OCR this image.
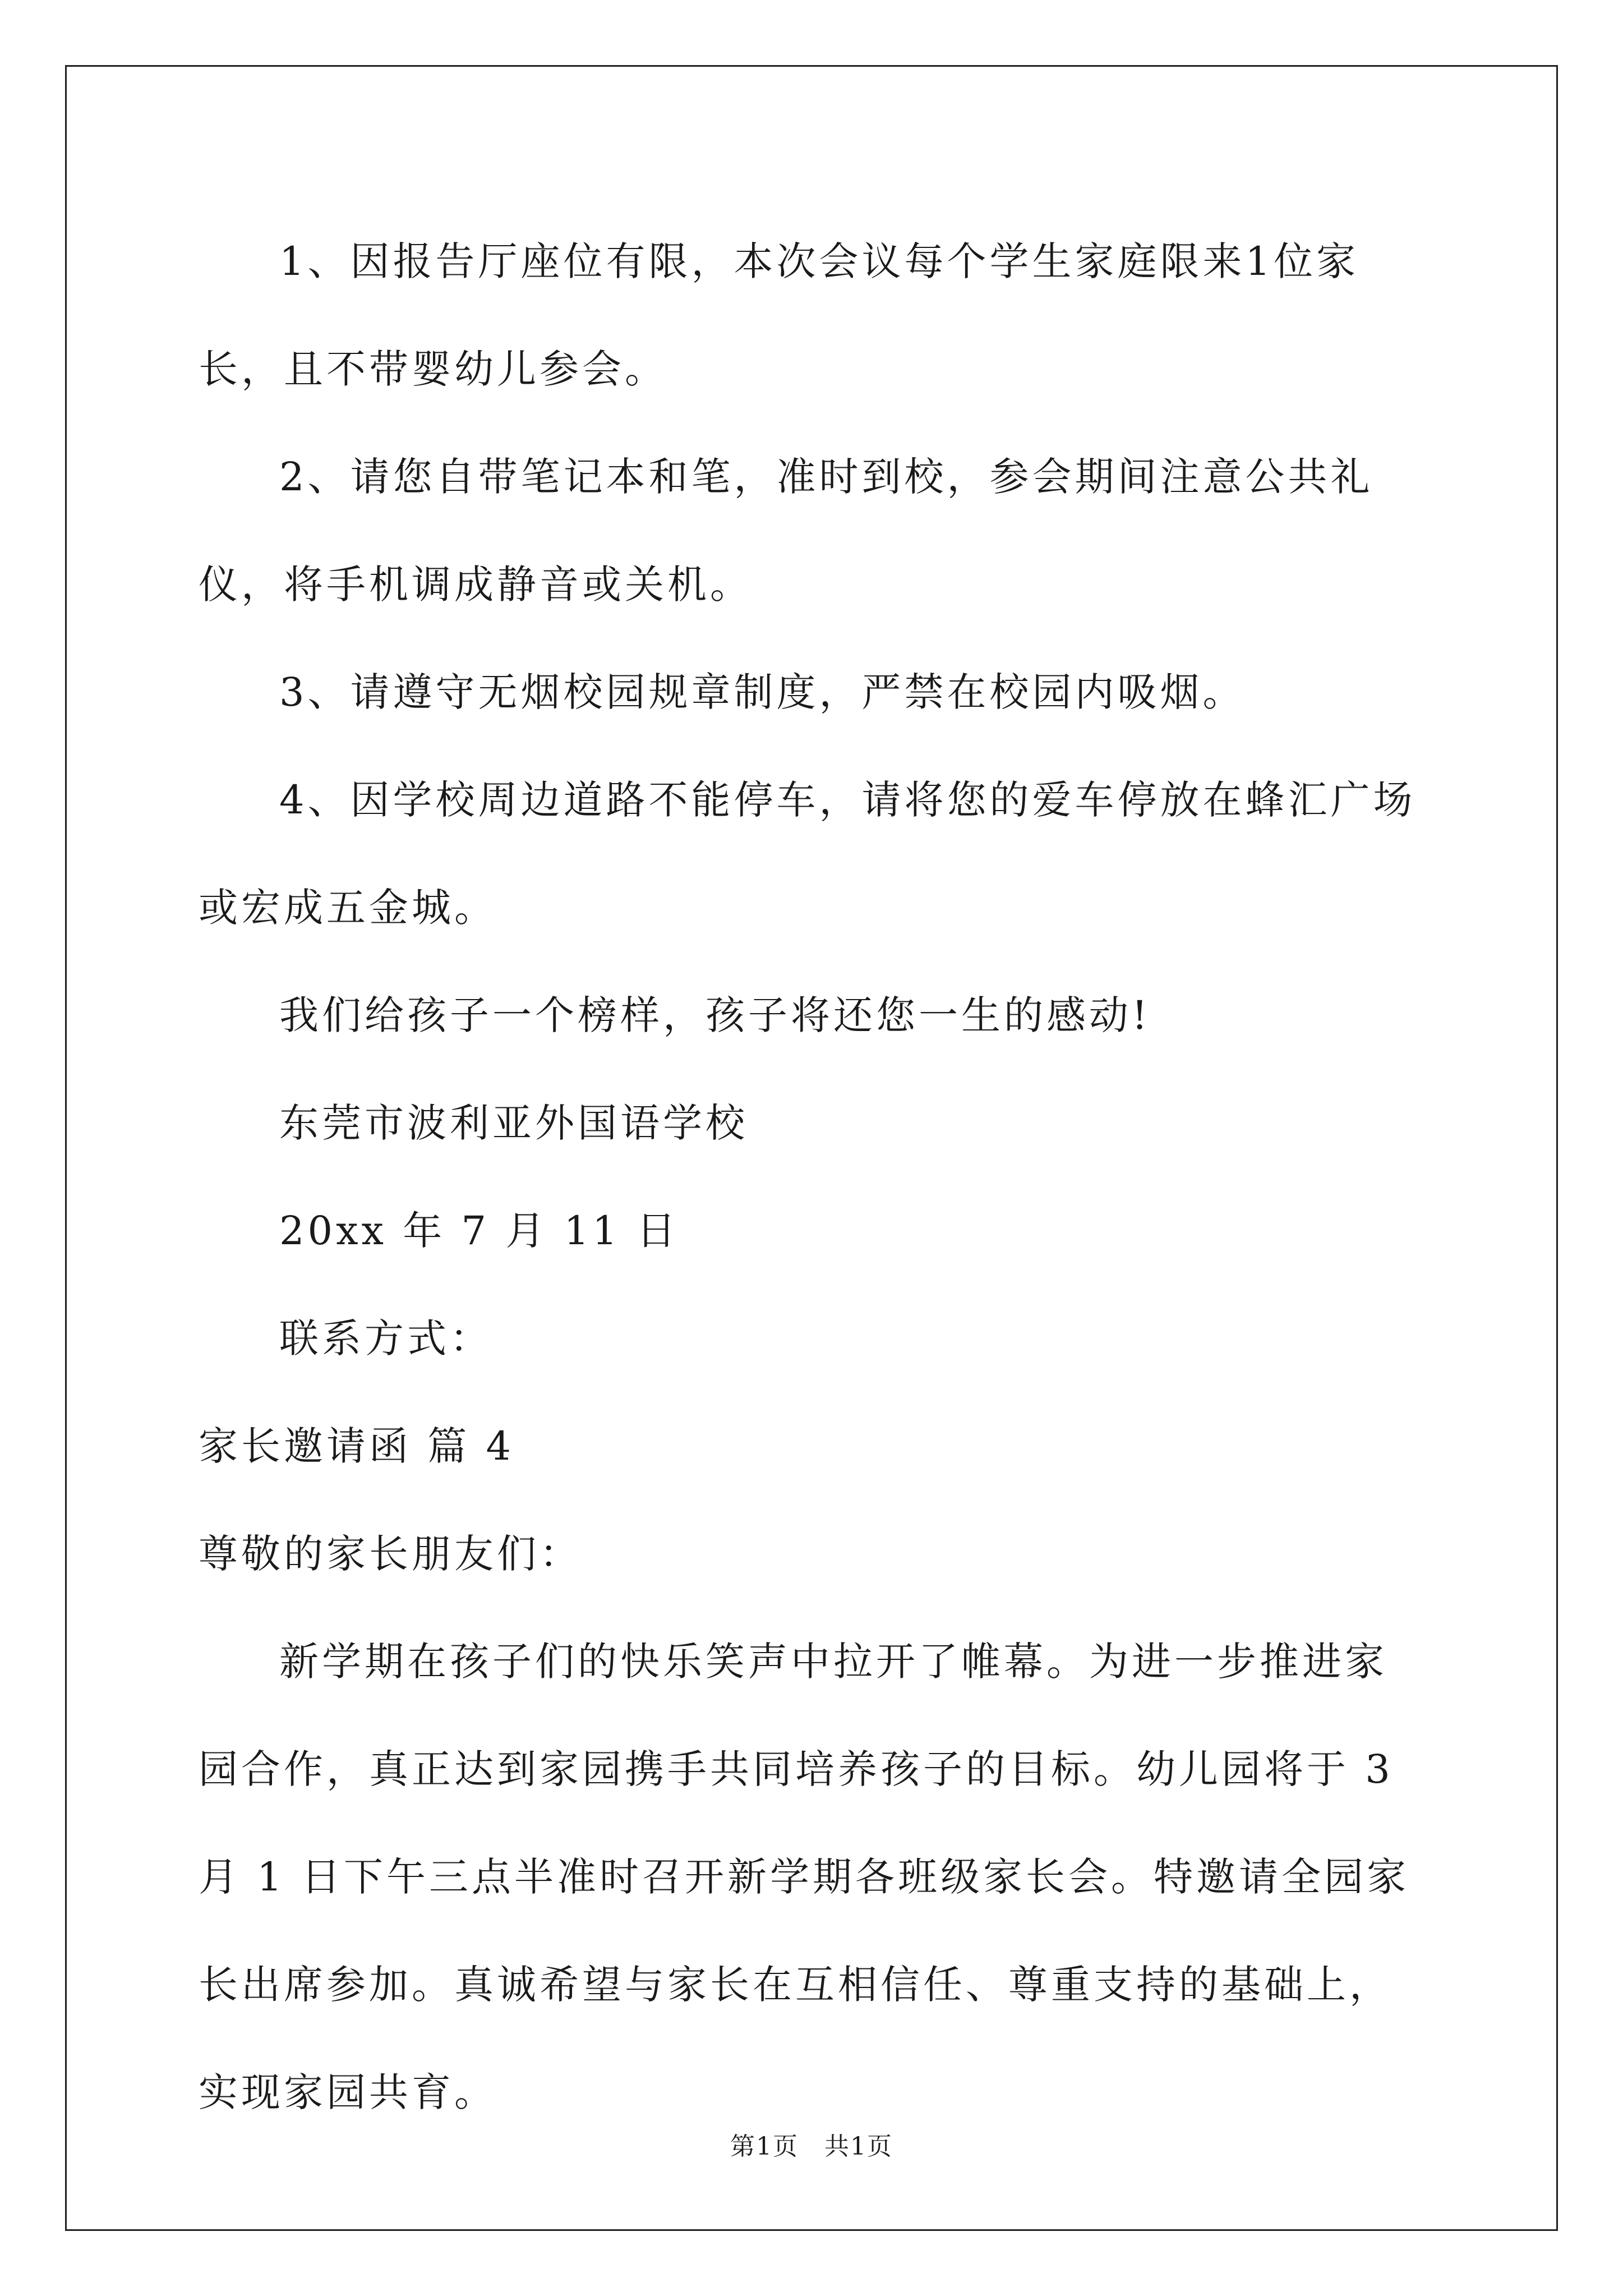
1、因报告厅座位有限，本次会议每个学生家庭限来1位家长，且不带婴幼儿参会。

2、请您自带笔记本和笔，准时到校，参会期间注意公共礼仪，将手机调成静音或关机。

3、请遵守无烟校园规章制度，严禁在校园内吸烟。

4、因学校周边道路不能停车，请将您的爱车停放在蜂汇广场或宏成五金城。

我们给孩子一个榜样，孩子将还您一生的感动!

东莞市波利亚外国语学校

20xx 年 7 月 11 日

联系方式：

家长邀请函 篇 4

尊敬的家长朋友们：

新学期在孩子们的快乐笑声中拉开了帷幕。为进一步推进家园合作，真正达到家园携手共同培养孩子的目标。幼儿园将于 3 月 1 日下午三点半准时召开新学期各班级家长会。特邀请全园家长出席参加。真诚希望与家长在互相信任、尊重支持的基础上，实现家园共育。

第1页　共1页
